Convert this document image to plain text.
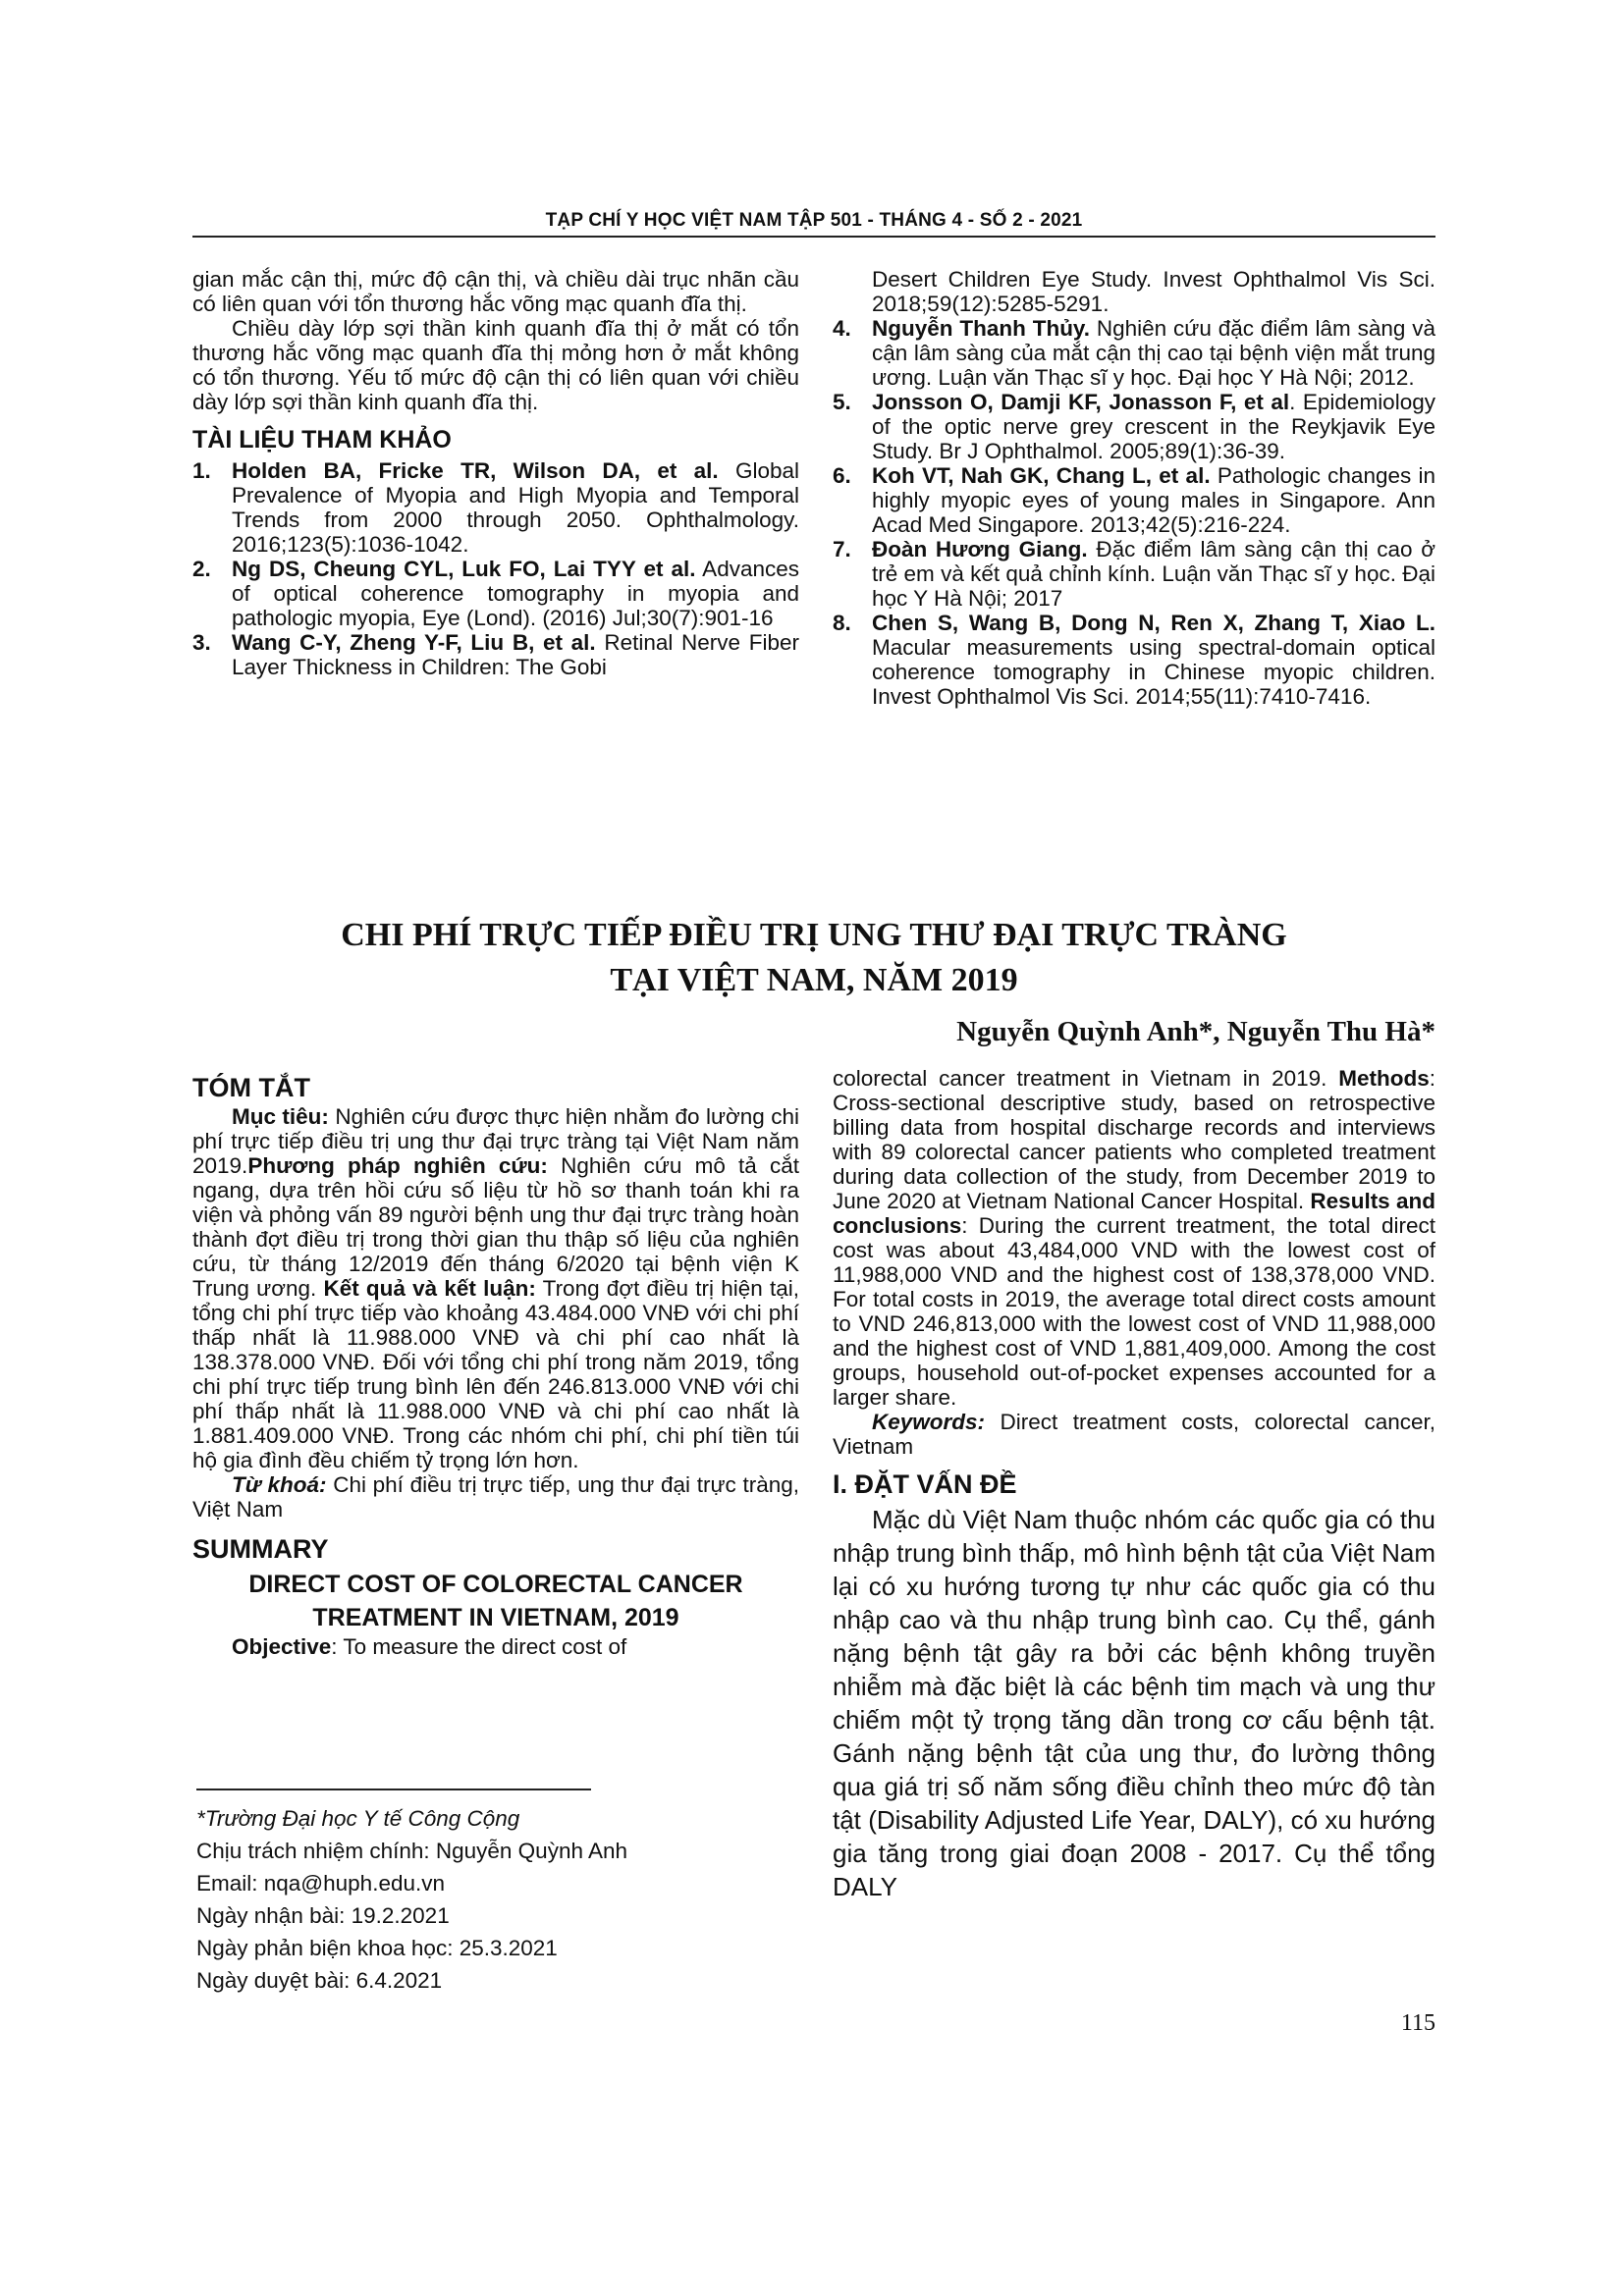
TẠP CHÍ Y HỌC VIỆT NAM TẬP 501 - THÁNG 4 - SỐ 2 - 2021

gian mắc cận thị, mức độ cận thị, và chiều dài trục nhãn cầu có liên quan với tổn thương hắc võng mạc quanh đĩa thị.

Chiều dày lớp sợi thần kinh quanh đĩa thị ở mắt có tổn thương hắc võng mạc quanh đĩa thị mỏng hơn ở mắt không có tổn thương. Yếu tố mức độ cận thị có liên quan với chiều dày lớp sợi thần kinh quanh đĩa thị.

TÀI LIỆU THAM KHẢO

1. Holden BA, Fricke TR, Wilson DA, et al. Global Prevalence of Myopia and High Myopia and Temporal Trends from 2000 through 2050. Ophthalmology. 2016;123(5):1036-1042.
2. Ng DS, Cheung CYL, Luk FO, Lai TYY et al. Advances of optical coherence tomography in myopia and pathologic myopia, Eye (Lond). (2016) Jul;30(7):901-16
3. Wang C-Y, Zheng Y-F, Liu B, et al. Retinal Nerve Fiber Layer Thickness in Children: The Gobi
Desert Children Eye Study. Invest Ophthalmol Vis Sci. 2018;59(12):5285-5291.
4. Nguyễn Thanh Thủy. Nghiên cứu đặc điểm lâm sàng và cận lâm sàng của mắt cận thị cao tại bệnh viện mắt trung ương. Luận văn Thạc sĩ y học. Đại học Y Hà Nội; 2012.
5. Jonsson O, Damji KF, Jonasson F, et al. Epidemiology of the optic nerve grey crescent in the Reykjavik Eye Study. Br J Ophthalmol. 2005;89(1):36-39.
6. Koh VT, Nah GK, Chang L, et al. Pathologic changes in highly myopic eyes of young males in Singapore. Ann Acad Med Singapore. 2013;42(5):216-224.
7. Đoàn Hương Giang. Đặc điểm lâm sàng cận thị cao ở trẻ em và kết quả chỉnh kính. Luận văn Thạc sĩ y học. Đại học Y Hà Nội; 2017
8. Chen S, Wang B, Dong N, Ren X, Zhang T, Xiao L. Macular measurements using spectral-domain optical coherence tomography in Chinese myopic children. Invest Ophthalmol Vis Sci. 2014;55(11):7410-7416.
CHI PHÍ TRỰC TIẾP ĐIỀU TRỊ UNG THƯ ĐẠI TRỰC TRÀNG
TẠI VIỆT NAM, NĂM 2019
Nguyễn Quỳnh Anh*, Nguyễn Thu Hà*

TÓM TẮT

Mục tiêu: Nghiên cứu được thực hiện nhằm đo lường chi phí trực tiếp điều trị ung thư đại trực tràng tại Việt Nam năm 2019.Phương pháp nghiên cứu: Nghiên cứu mô tả cắt ngang, dựa trên hồi cứu số liệu từ hồ sơ thanh toán khi ra viện và phỏng vấn 89 người bệnh ung thư đại trực tràng hoàn thành đợt điều trị trong thời gian thu thập số liệu của nghiên cứu, từ tháng 12/2019 đến tháng 6/2020 tại bệnh viện K Trung ương. Kết quả và kết luận: Trong đợt điều trị hiện tại, tổng chi phí trực tiếp vào khoảng 43.484.000 VNĐ với chi phí thấp nhất là 11.988.000 VNĐ và chi phí cao nhất là 138.378.000 VNĐ. Đối với tổng chi phí trong năm 2019, tổng chi phí trực tiếp trung bình lên đến 246.813.000 VNĐ với chi phí thấp nhất là 11.988.000 VNĐ và chi phí cao nhất là 1.881.409.000 VNĐ. Trong các nhóm chi phí, chi phí tiền túi hộ gia đình đều chiếm tỷ trọng lớn hơn.

Từ khoá: Chi phí điều trị trực tiếp, ung thư đại trực tràng, Việt Nam

SUMMARY

DIRECT COST OF COLORECTAL CANCER
TREATMENT IN VIETNAM, 2019

Objective: To measure the direct cost of

colorectal cancer treatment in Vietnam in 2019. Methods: Cross-sectional descriptive study, based on retrospective billing data from hospital discharge records and interviews with 89 colorectal cancer patients who completed treatment during data collection of the study, from December 2019 to June 2020 at Vietnam National Cancer Hospital. Results and conclusions: During the current treatment, the total direct cost was about 43,484,000 VND with the lowest cost of 11,988,000 VND and the highest cost of 138,378,000 VND. For total costs in 2019, the average total direct costs amount to VND 246,813,000 with the lowest cost of VND 11,988,000 and the highest cost of VND 1,881,409,000. Among the cost groups, household out-of-pocket expenses accounted for a larger share.

Keywords: Direct treatment costs, colorectal cancer, Vietnam

I. ĐẶT VẤN ĐỀ

Mặc dù Việt Nam thuộc nhóm các quốc gia có thu nhập trung bình thấp, mô hình bệnh tật của Việt Nam lại có xu hướng tương tự như các quốc gia có thu nhập cao và thu nhập trung bình cao. Cụ thể, gánh nặng bệnh tật gây ra bởi các bệnh không truyền nhiễm mà đặc biệt là các bệnh tim mạch và ung thư chiếm một tỷ trọng tăng dần trong cơ cấu bệnh tật. Gánh nặng bệnh tật của ung thư, đo lường thông qua giá trị số năm sống điều chỉnh theo mức độ tàn tật (Disability Adjusted Life Year, DALY), có xu hướng gia tăng trong giai đoạn 2008 - 2017. Cụ thể tổng DALY

*Trường Đại học Y tế Công Cộng

Chịu trách nhiệm chính: Nguyễn Quỳnh Anh

Email: nqa@huph.edu.vn

Ngày nhận bài: 19.2.2021

Ngày phản biện khoa học: 25.3.2021

Ngày duyệt bài: 6.4.2021

115
